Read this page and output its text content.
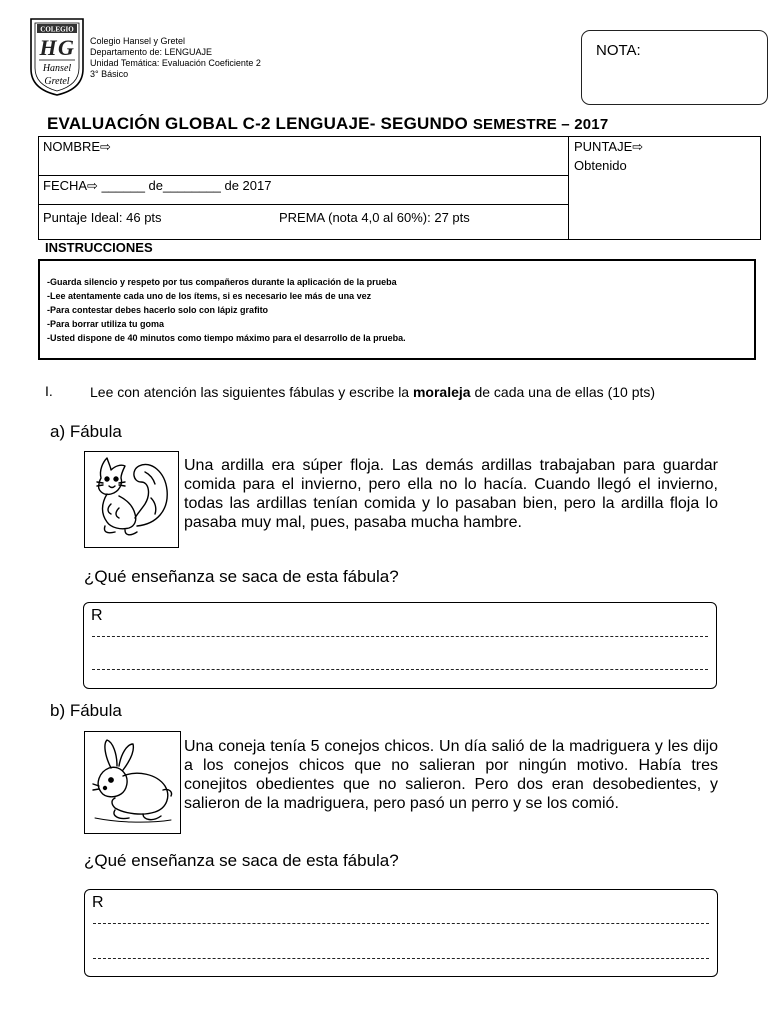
COLEGIO
H G
Hansel
Gretel
Colegio Hansel y Gretel
Departamento de: LENGUAJE
Unidad Temática: Evaluación Coeficiente 2
3° Básico
NOTA:
EVALUACIÓN GLOBAL C-2 LENGUAJE- SEGUNDO SEMESTRE – 2017
NOMBRE⇨	PUNTAJE⇨
Obtenido
FECHA⇨ ______ de________ de 2017
Puntaje Ideal: 46 pts	PREMA (nota 4,0 al 60%): 27 pts
INSTRUCCIONES
-Guarda silencio y respeto por tus compañeros durante la aplicación de la prueba
-Lee atentamente cada uno de los ítems, si es necesario lee más de una vez
-Para contestar debes hacerlo solo con lápiz grafito
-Para borrar utiliza tu goma
-Usted dispone de 40 minutos como tiempo máximo para el desarrollo de la prueba.
I.	Lee con atención las siguientes fábulas y escribe la moraleja de cada una de ellas (10 pts)
a) Fábula
Una ardilla era súper floja. Las demás ardillas trabajaban para guardar comida para el invierno, pero ella no lo hacía. Cuando llegó el invierno, todas las ardillas tenían comida y lo pasaban bien, pero la ardilla floja lo pasaba muy mal, pues, pasaba mucha hambre.
¿Qué enseñanza se saca de esta fábula?
R
b) Fábula
Una coneja tenía 5 conejos chicos. Un día salió de la madriguera y les dijo a los conejos chicos que no salieran por ningún motivo. Había tres conejitos obedientes que no salieron. Pero dos eran desobedientes, y salieron de la madriguera, pero pasó un perro y se los comió.
¿Qué enseñanza se saca de esta fábula?
R
